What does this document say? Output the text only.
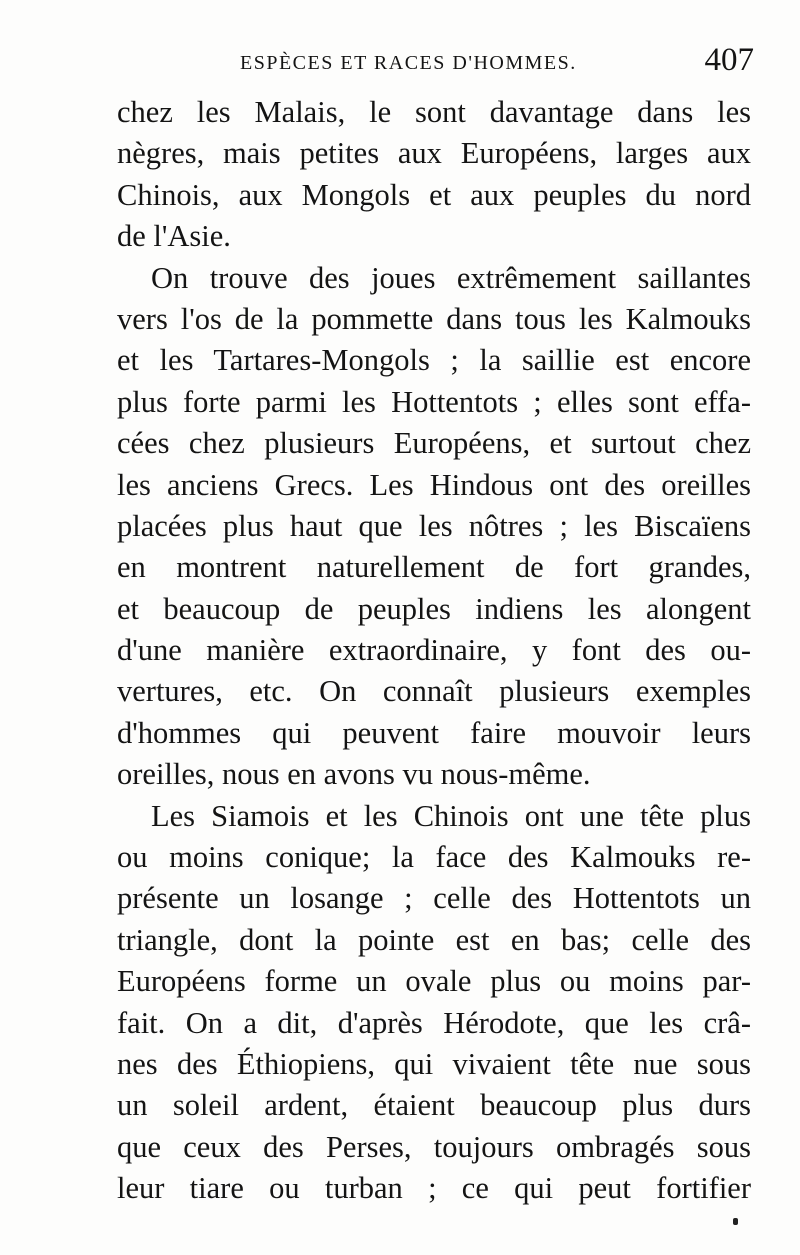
ESPÈCES ET RACES D'HOMMES.	407
chez les Malais, le sont davantage dans les
nègres, mais petites aux Européens, larges aux
Chinois, aux Mongols et aux peuples du nord
de l'Asie.
On trouve des joues extrêmement saillantes
vers l'os de la pommette dans tous les Kalmouks
et les Tartares-Mongols ; la saillie est encore
plus forte parmi les Hottentots ; elles sont effa-
cées chez plusieurs Européens, et surtout chez
les anciens Grecs. Les Hindous ont des oreilles
placées plus haut que les nôtres ; les Biscaïens
en montrent naturellement de fort grandes,
et beaucoup de peuples indiens les alongent
d'une manière extraordinaire, y font des ou-
vertures, etc. On connaît plusieurs exemples
d'hommes qui peuvent faire mouvoir leurs
oreilles, nous en avons vu nous-même.
Les Siamois et les Chinois ont une tête plus
ou moins conique; la face des Kalmouks re-
présente un losange ; celle des Hottentots un
triangle, dont la pointe est en bas; celle des
Européens forme un ovale plus ou moins par-
fait. On a dit, d'après Hérodote, que les crâ-
nes des Éthiopiens, qui vivaient tête nue sous
un soleil ardent, étaient beaucoup plus durs
que ceux des Perses, toujours ombragés sous
leur tiare ou turban ; ce qui peut fortifier
